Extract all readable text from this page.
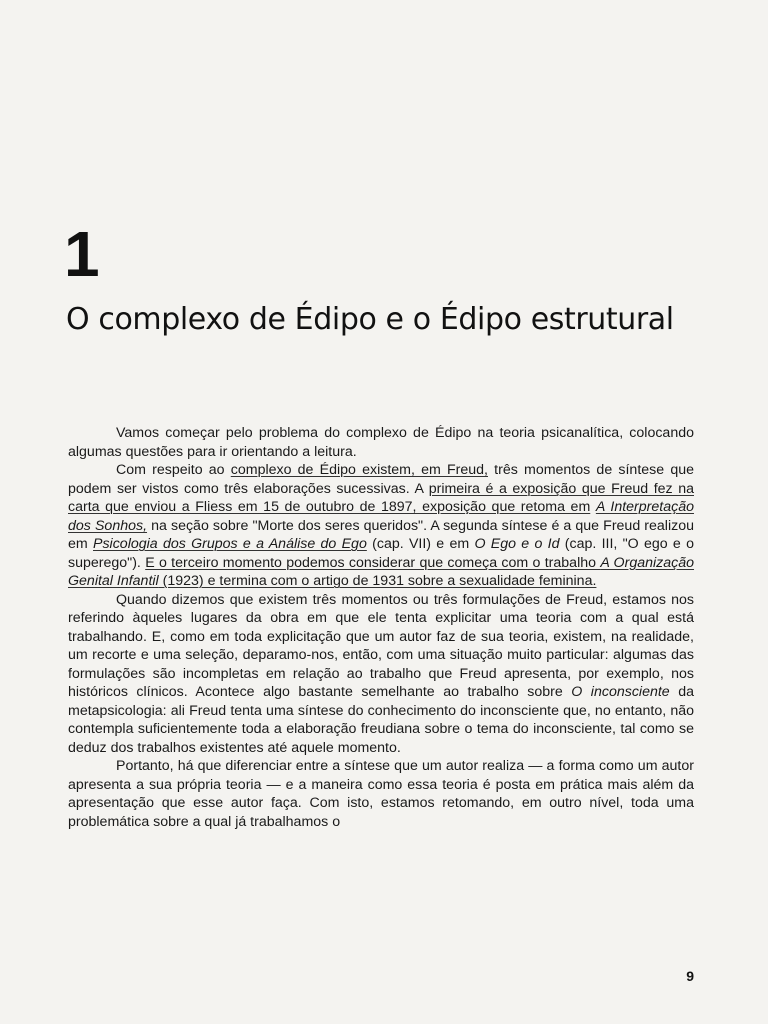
1
O complexo de Édipo e o Édipo estrutural

Vamos começar pelo problema do complexo de Édipo na teoria psicanalítica, colocando algumas questões para ir orientando a leitura.

Com respeito ao complexo de Édipo existem, em Freud, três momentos de síntese que podem ser vistos como três elaborações sucessivas. A primeira é a exposição que Freud fez na carta que enviou a Fliess em 15 de outubro de 1897, exposição que retoma em A Interpretação dos Sonhos, na seção sobre "Morte dos seres queridos". A segunda síntese é a que Freud realizou em Psicologia dos Grupos e a Análise do Ego (cap. VII) e em O Ego e o Id (cap. III, "O ego e o superego"). E o terceiro momento podemos considerar que começa com o trabalho A Organização Genital Infantil (1923) e termina com o artigo de 1931 sobre a sexualidade feminina.

Quando dizemos que existem três momentos ou três formulações de Freud, estamos nos referindo àqueles lugares da obra em que ele tenta explicitar uma teoria com a qual está trabalhando. E, como em toda explicitação que um autor faz de sua teoria, existem, na realidade, um recorte e uma seleção, deparamo-nos, então, com uma situação muito particular: algumas das formulações são incompletas em relação ao trabalho que Freud apresenta, por exemplo, nos históricos clínicos. Acontece algo bastante semelhante ao trabalho sobre O inconsciente da metapsicologia: ali Freud tenta uma síntese do conhecimento do inconsciente que, no entanto, não contempla suficientemente toda a elaboração freudiana sobre o tema do inconsciente, tal como se deduz dos trabalhos existentes até aquele momento.

Portanto, há que diferenciar entre a síntese que um autor realiza — a forma como um autor apresenta a sua própria teoria — e a maneira como essa teoria é posta em prática mais além da apresentação que esse autor faça. Com isto, estamos retomando, em outro nível, toda uma problemática sobre a qual já trabalhamos o

9
